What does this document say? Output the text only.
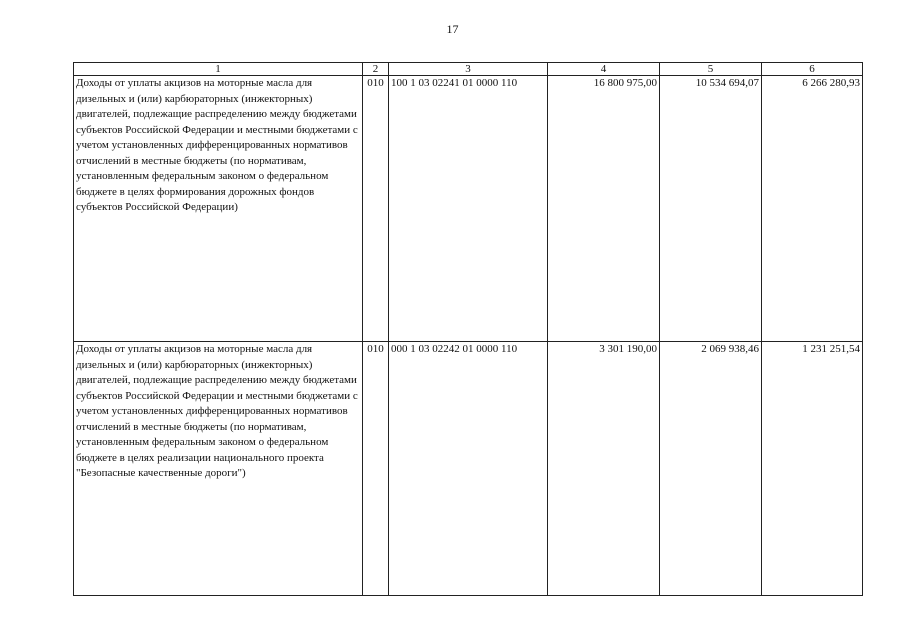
17
1	2	3	4	5	6
Доходы от уплаты акцизов на моторные масла для дизельных и (или) карбюраторных (инжекторных) двигателей, подлежащие распределению между бюджетами субъектов Российской Федерации и местными бюджетами с учетом установленных дифференцированных нормативов отчислений в местные бюджеты (по нормативам, установленным федеральным законом о федеральном бюджете в целях формирования дорожных фондов субъектов Российской Федерации)	010	100 1 03 02241 01 0000 110	16 800 975,00	10 534 694,07	6 266 280,93
Доходы от уплаты акцизов на моторные масла для дизельных и (или) карбюраторных (инжекторных) двигателей, подлежащие распределению между бюджетами субъектов Российской Федерации и местными бюджетами с учетом установленных дифференцированных нормативов отчислений в местные бюджеты (по нормативам, установленным федеральным законом о федеральном бюджете в целях реализации национального проекта "Безопасные качественные дороги")	010	000 1 03 02242 01 0000 110	3 301 190,00	2 069 938,46	1 231 251,54
